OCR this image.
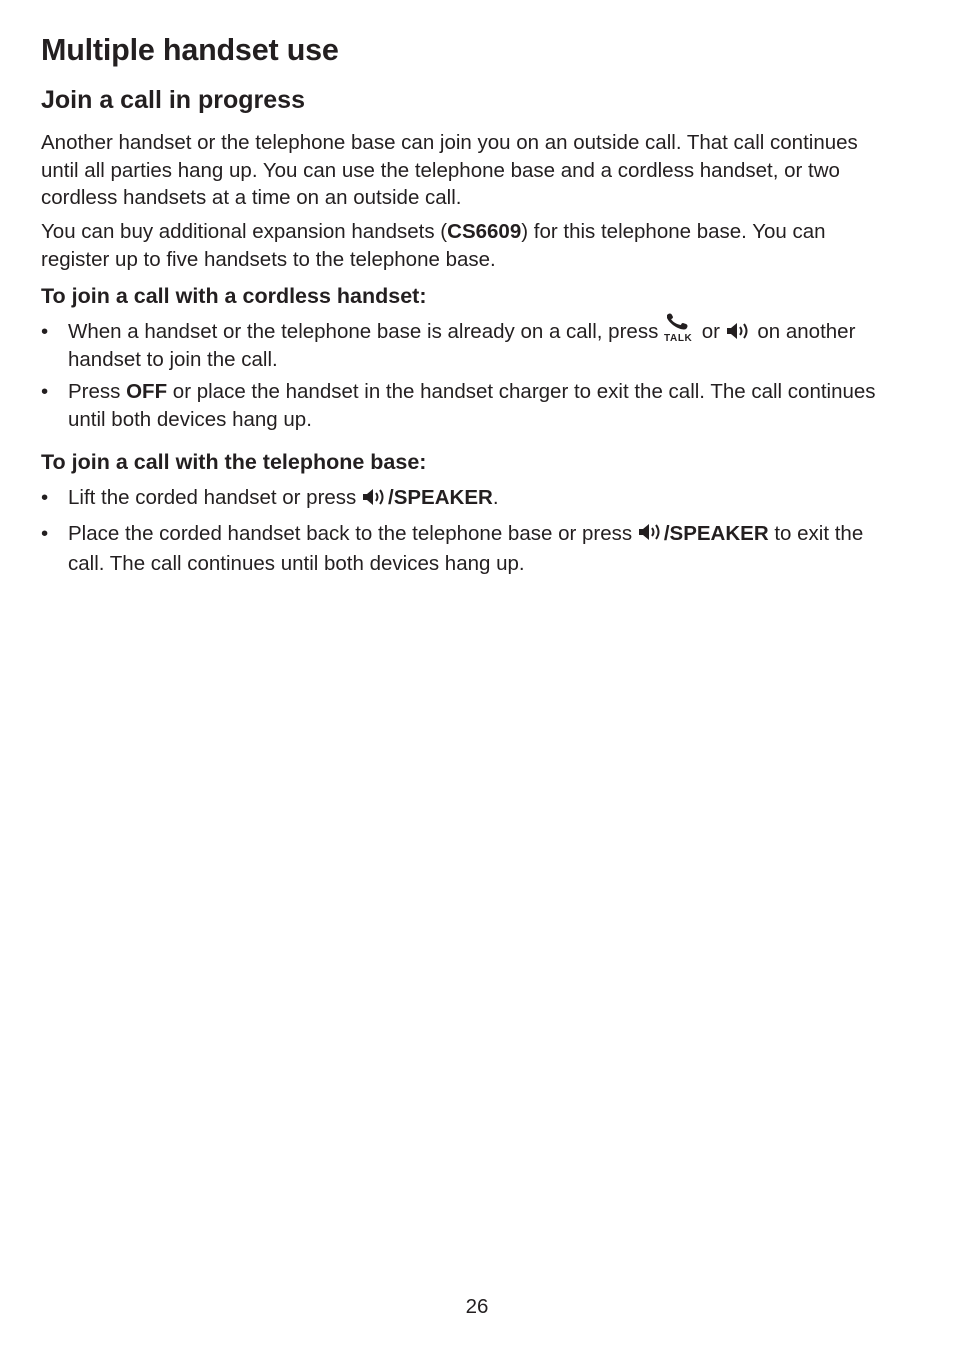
Multiple handset use
Join a call in progress

Another handset or the telephone base can join you on an outside call. That call continues until all parties hang up. You can use the telephone base and a cordless handset, or two cordless handsets at a time on an outside call.

You can buy additional expansion handsets (CS6609) for this telephone base. You can register up to five handsets to the telephone base.

To join a call with a cordless handset:
• When a handset or the telephone base is already on a call, press TALK or on another handset to join the call.
• Press OFF or place the handset in the handset charger to exit the call. The call continues until both devices hang up.
To join a call with the telephone base:
• Lift the corded handset or press
/SPEAKER.
• Place the corded handset back to the telephone base or press
/SPEAKER to exit the call. The call continues until both devices hang up.
26
